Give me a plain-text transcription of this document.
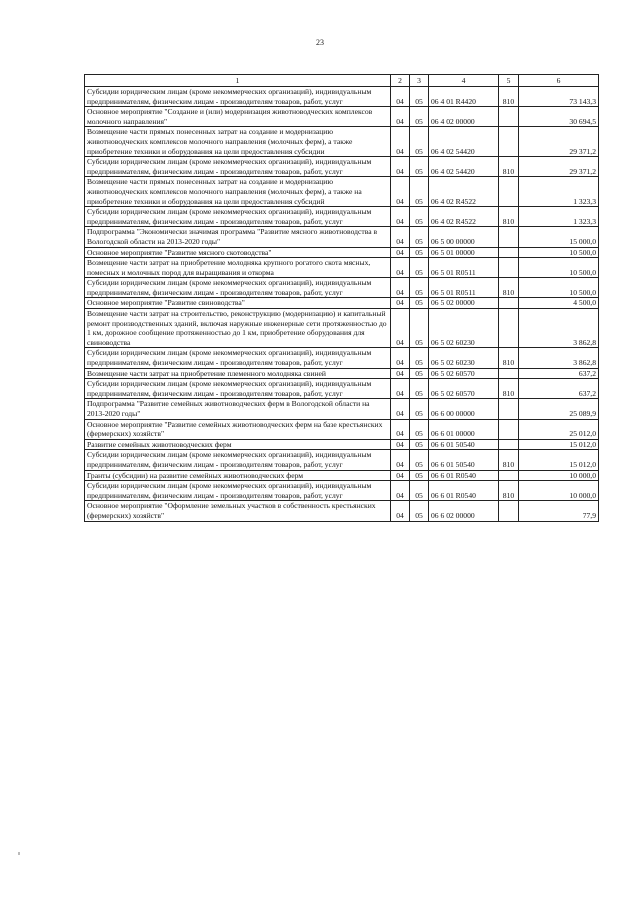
23
1	2	3	4	5	6
Субсидии юридическим лицам (кроме некоммерческих организаций), индивидуальным предпринимателям, физическим лицам - производителям товаров, работ, услуг	04	05	06 4 01 R4420	810	73 143,3
Основное мероприятие "Создание и (или) модернизация животноводческих комплексов молочного направления"	04	05	06 4 02 00000		30 694,5
Возмещение части прямых понесенных затрат на создание и модернизацию животноводческих комплексов молочного направления (молочных ферм), а также приобретение техники и оборудования на цели предоставления субсидии	04	05	06 4 02 54420		29 371,2
Субсидии юридическим лицам (кроме некоммерческих организаций), индивидуальным предпринимателям, физическим лицам - производителям товаров, работ, услуг	04	05	06 4 02 54420	810	29 371,2
Возмещение части прямых понесенных затрат на создание и модернизацию животноводческих комплексов молочного направления (молочных ферм), а также на приобретение техники и оборудования на цели предоставления субсидий	04	05	06 4 02 R4522		1 323,3
Субсидии юридическим лицам (кроме некоммерческих организаций), индивидуальным предпринимателям, физическим лицам - производителям товаров, работ, услуг	04	05	06 4 02 R4522	810	1 323,3
Подпрограмма "Экономически значимая программа "Развитие мясного животноводства в Вологодской области на 2013-2020 годы"	04	05	06 5 00 00000		15 000,0
Основное мероприятие "Развитие мясного скотоводства"	04	05	06 5 01 00000		10 500,0
Возмещение части затрат на приобретение молодняка крупного рогатого скота мясных, помесных и молочных пород для выращивания и откорма	04	05	06 5 01 R0511		10 500,0
Субсидии юридическим лицам (кроме некоммерческих организаций), индивидуальным предпринимателям, физическим лицам - производителям товаров, работ, услуг	04	05	06 5 01 R0511	810	10 500,0
Основное мероприятие "Развитие свиноводства"	04	05	06 5 02 00000		4 500,0
Возмещение части затрат на строительство, реконструкцию (модернизацию) и капитальный ремонт производственных зданий, включая наружные инженерные сети протяженностью до 1 км, дорожное сообщение протяженностью до 1 км, приобретение оборудования для свиноводства	04	05	06 5 02 60230		3 862,8
Субсидии юридическим лицам (кроме некоммерческих организаций), индивидуальным предпринимателям, физическим лицам - производителям товаров, работ, услуг	04	05	06 5 02 60230	810	3 862,8
Возмещение части затрат на приобретение племенного молодняка свиней	04	05	06 5 02 60570		637,2
Субсидии юридическим лицам (кроме некоммерческих организаций), индивидуальным предпринимателям, физическим лицам - производителям товаров, работ, услуг	04	05	06 5 02 60570	810	637,2
Подпрограмма "Развитие семейных животноводческих ферм в Вологодской области на 2013-2020 годы"	04	05	06 6 00 00000		25 089,9
Основное мероприятие "Развитие семейных животноводческих ферм на базе крестьянских (фермерских) хозяйств"	04	05	06 6 01 00000		25 012,0
Развитие семейных животноводческих ферм	04	05	06 6 01 50540		15 012,0
Субсидии юридическим лицам (кроме некоммерческих организаций), индивидуальным предпринимателям, физическим лицам - производителям товаров, работ, услуг	04	05	06 6 01 50540	810	15 012,0
Гранты (субсидии) на развитие семейных животноводческих ферм	04	05	06 6 01 R0540		10 000,0
Субсидии юридическим лицам (кроме некоммерческих организаций), индивидуальным предпринимателям, физическим лицам - производителям товаров, работ, услуг	04	05	06 6 01 R0540	810	10 000,0
Основное мероприятие "Оформление земельных участков в собственность крестьянских (фермерских) хозяйств"	04	05	06 6 02 00000		77,9
